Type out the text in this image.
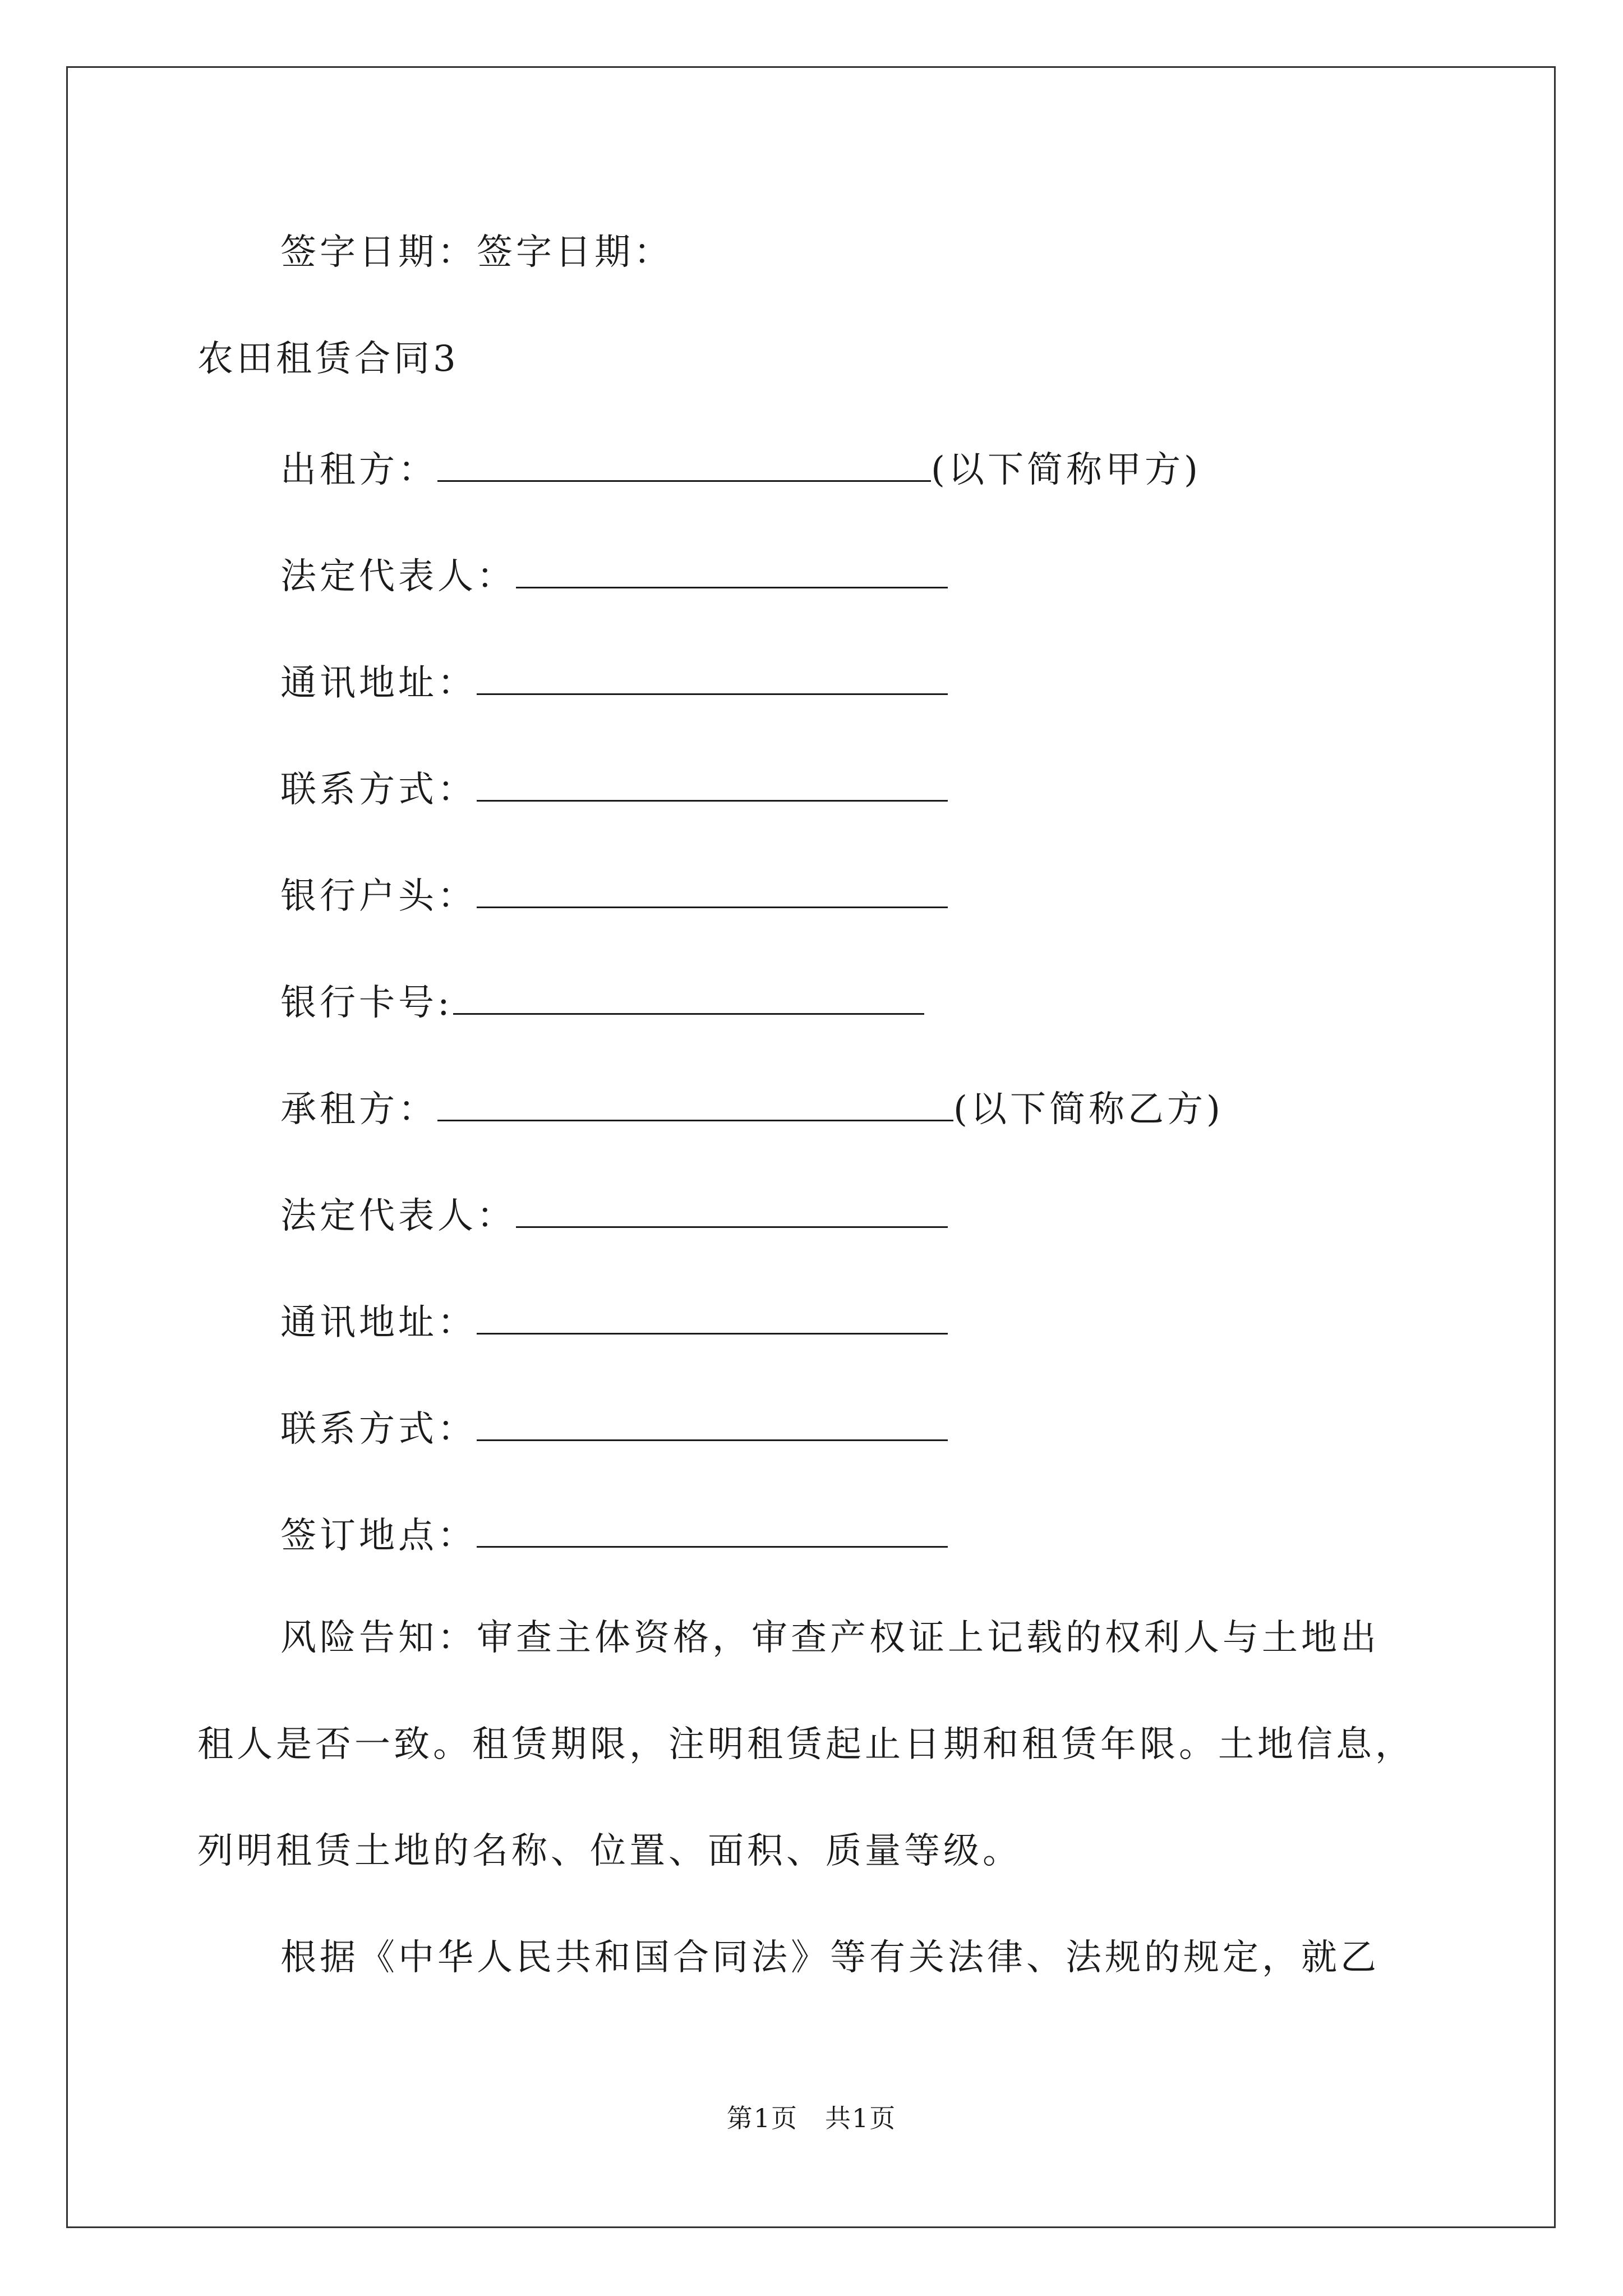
签字日期：签字日期：
农田租赁合同3
出租方：	(以下简称甲方)
法定代表人：
通讯地址：
联系方式：
银行户头：
银行卡号:
承租方：	(以下简称乙方)
法定代表人：
通讯地址：
联系方式：
签订地点：
风险告知：审查主体资格，审查产权证上记载的权利人与土地出
租人是否一致。租赁期限，注明租赁起止日期和租赁年限。土地信息，
列明租赁土地的名称、位置、面积、质量等级。
根据《中华人民共和国合同法》等有关法律、法规的规定，就乙
第1页　共1页
